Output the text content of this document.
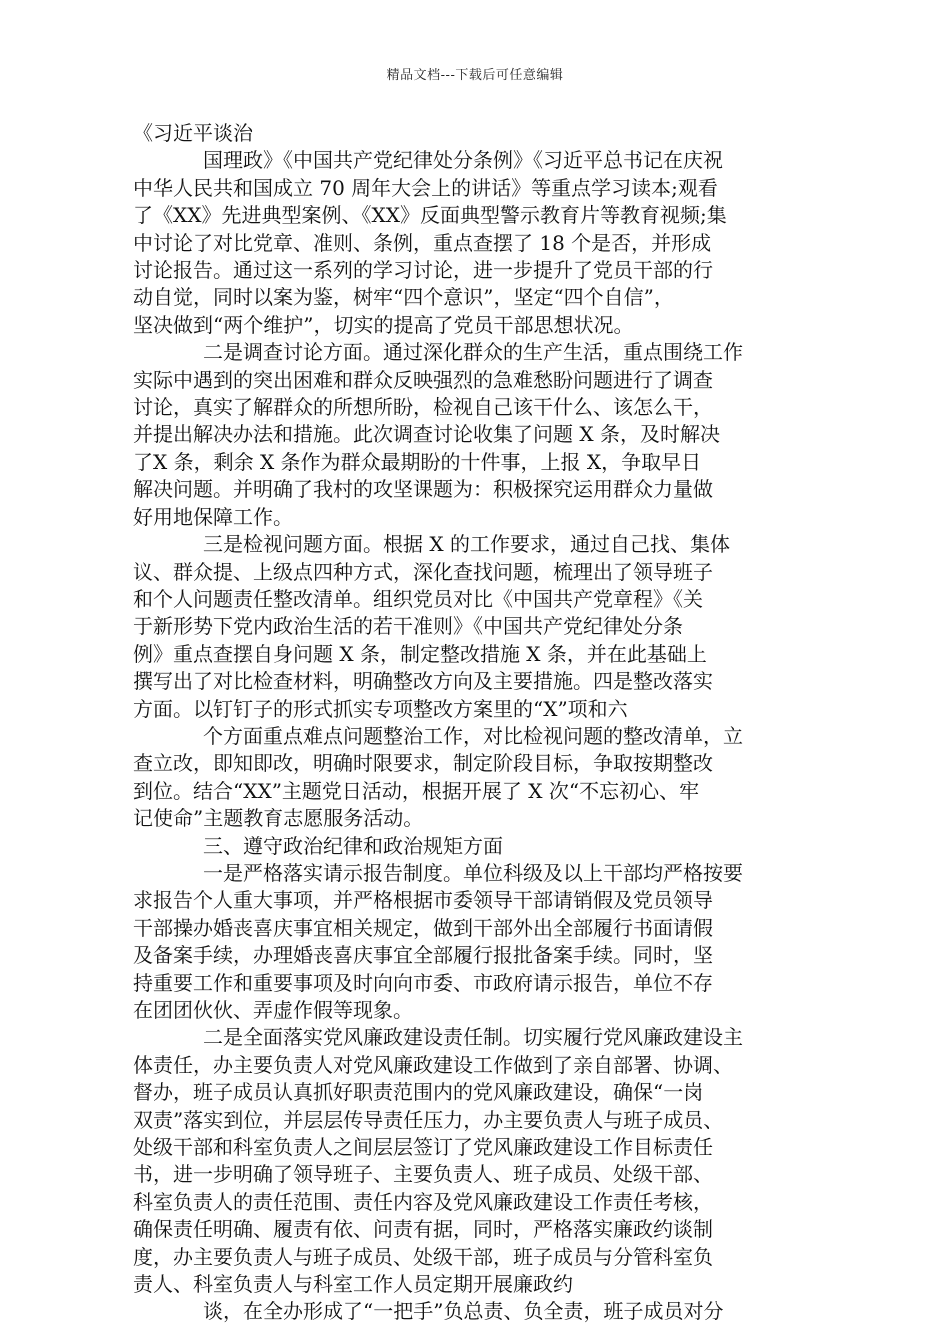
精品文档---下载后可任意编辑
《习近平谈治
国理政》《中国共产党纪律处分条例》《习近平总书记在庆祝
中华人民共和国成立 70 周年大会上的讲话》等重点学习读本;观看
了《XX》先进典型案例、《XX》反面典型警示教育片等教育视频;集
中讨论了对比党章、准则、条例，重点查摆了 18 个是否，并形成
讨论报告。通过这一系列的学习讨论，进一步提升了党员干部的行
动自觉，同时以案为鉴，树牢“四个意识”，坚定“四个自信”，
坚决做到“两个维护”，切实的提高了党员干部思想状况。
二是调查讨论方面。通过深化群众的生产生活，重点围绕工作
实际中遇到的突出困难和群众反映强烈的急难愁盼问题进行了调查
讨论，真实了解群众的所想所盼，检视自己该干什么、该怎么干，
并提出解决办法和措施。此次调查讨论收集了问题 X 条，及时解决
了X 条，剩余 X 条作为群众最期盼的十件事，上报 X，争取早日
解决问题。并明确了我村的攻坚课题为：积极探究运用群众力量做
好用地保障工作。
三是检视问题方面。根据 X 的工作要求，通过自己找、集体
议、群众提、上级点四种方式，深化查找问题，梳理出了领导班子
和个人问题责任整改清单。组织党员对比《中国共产党章程》《关
于新形势下党内政治生活的若干准则》《中国共产党纪律处分条
例》重点查摆自身问题 X 条，制定整改措施 X 条，并在此基础上
撰写出了对比检查材料，明确整改方向及主要措施。四是整改落实
方面。以钉钉子的形式抓实专项整改方案里的“X”项和六
个方面重点难点问题整治工作，对比检视问题的整改清单，立
查立改，即知即改，明确时限要求，制定阶段目标，争取按期整改
到位。结合“XX”主题党日活动，根据开展了 X 次“不忘初心、牢
记使命”主题教育志愿服务活动。
三、遵守政治纪律和政治规矩方面
一是严格落实请示报告制度。单位科级及以上干部均严格按要
求报告个人重大事项，并严格根据市委领导干部请销假及党员领导
干部操办婚丧喜庆事宜相关规定，做到干部外出全部履行书面请假
及备案手续，办理婚丧喜庆事宜全部履行报批备案手续。同时，坚
持重要工作和重要事项及时向向市委、市政府请示报告，单位不存
在团团伙伙、弄虚作假等现象。
二是全面落实党风廉政建设责任制。切实履行党风廉政建设主
体责任，办主要负责人对党风廉政建设工作做到了亲自部署、协调、
督办，班子成员认真抓好职责范围内的党风廉政建设，确保“一岗
双责”落实到位，并层层传导责任压力，办主要负责人与班子成员、
处级干部和科室负责人之间层层签订了党风廉政建设工作目标责任
书，进一步明确了领导班子、主要负责人、班子成员、处级干部、
科室负责人的责任范围、责任内容及党风廉政建设工作责任考核，
确保责任明确、履责有依、问责有据，同时，严格落实廉政约谈制
度，办主要负责人与班子成员、处级干部，班子成员与分管科室负
责人、科室负责人与科室工作人员定期开展廉政约
谈，在全办形成了“一把手”负总责、负全责，班子成员对分
